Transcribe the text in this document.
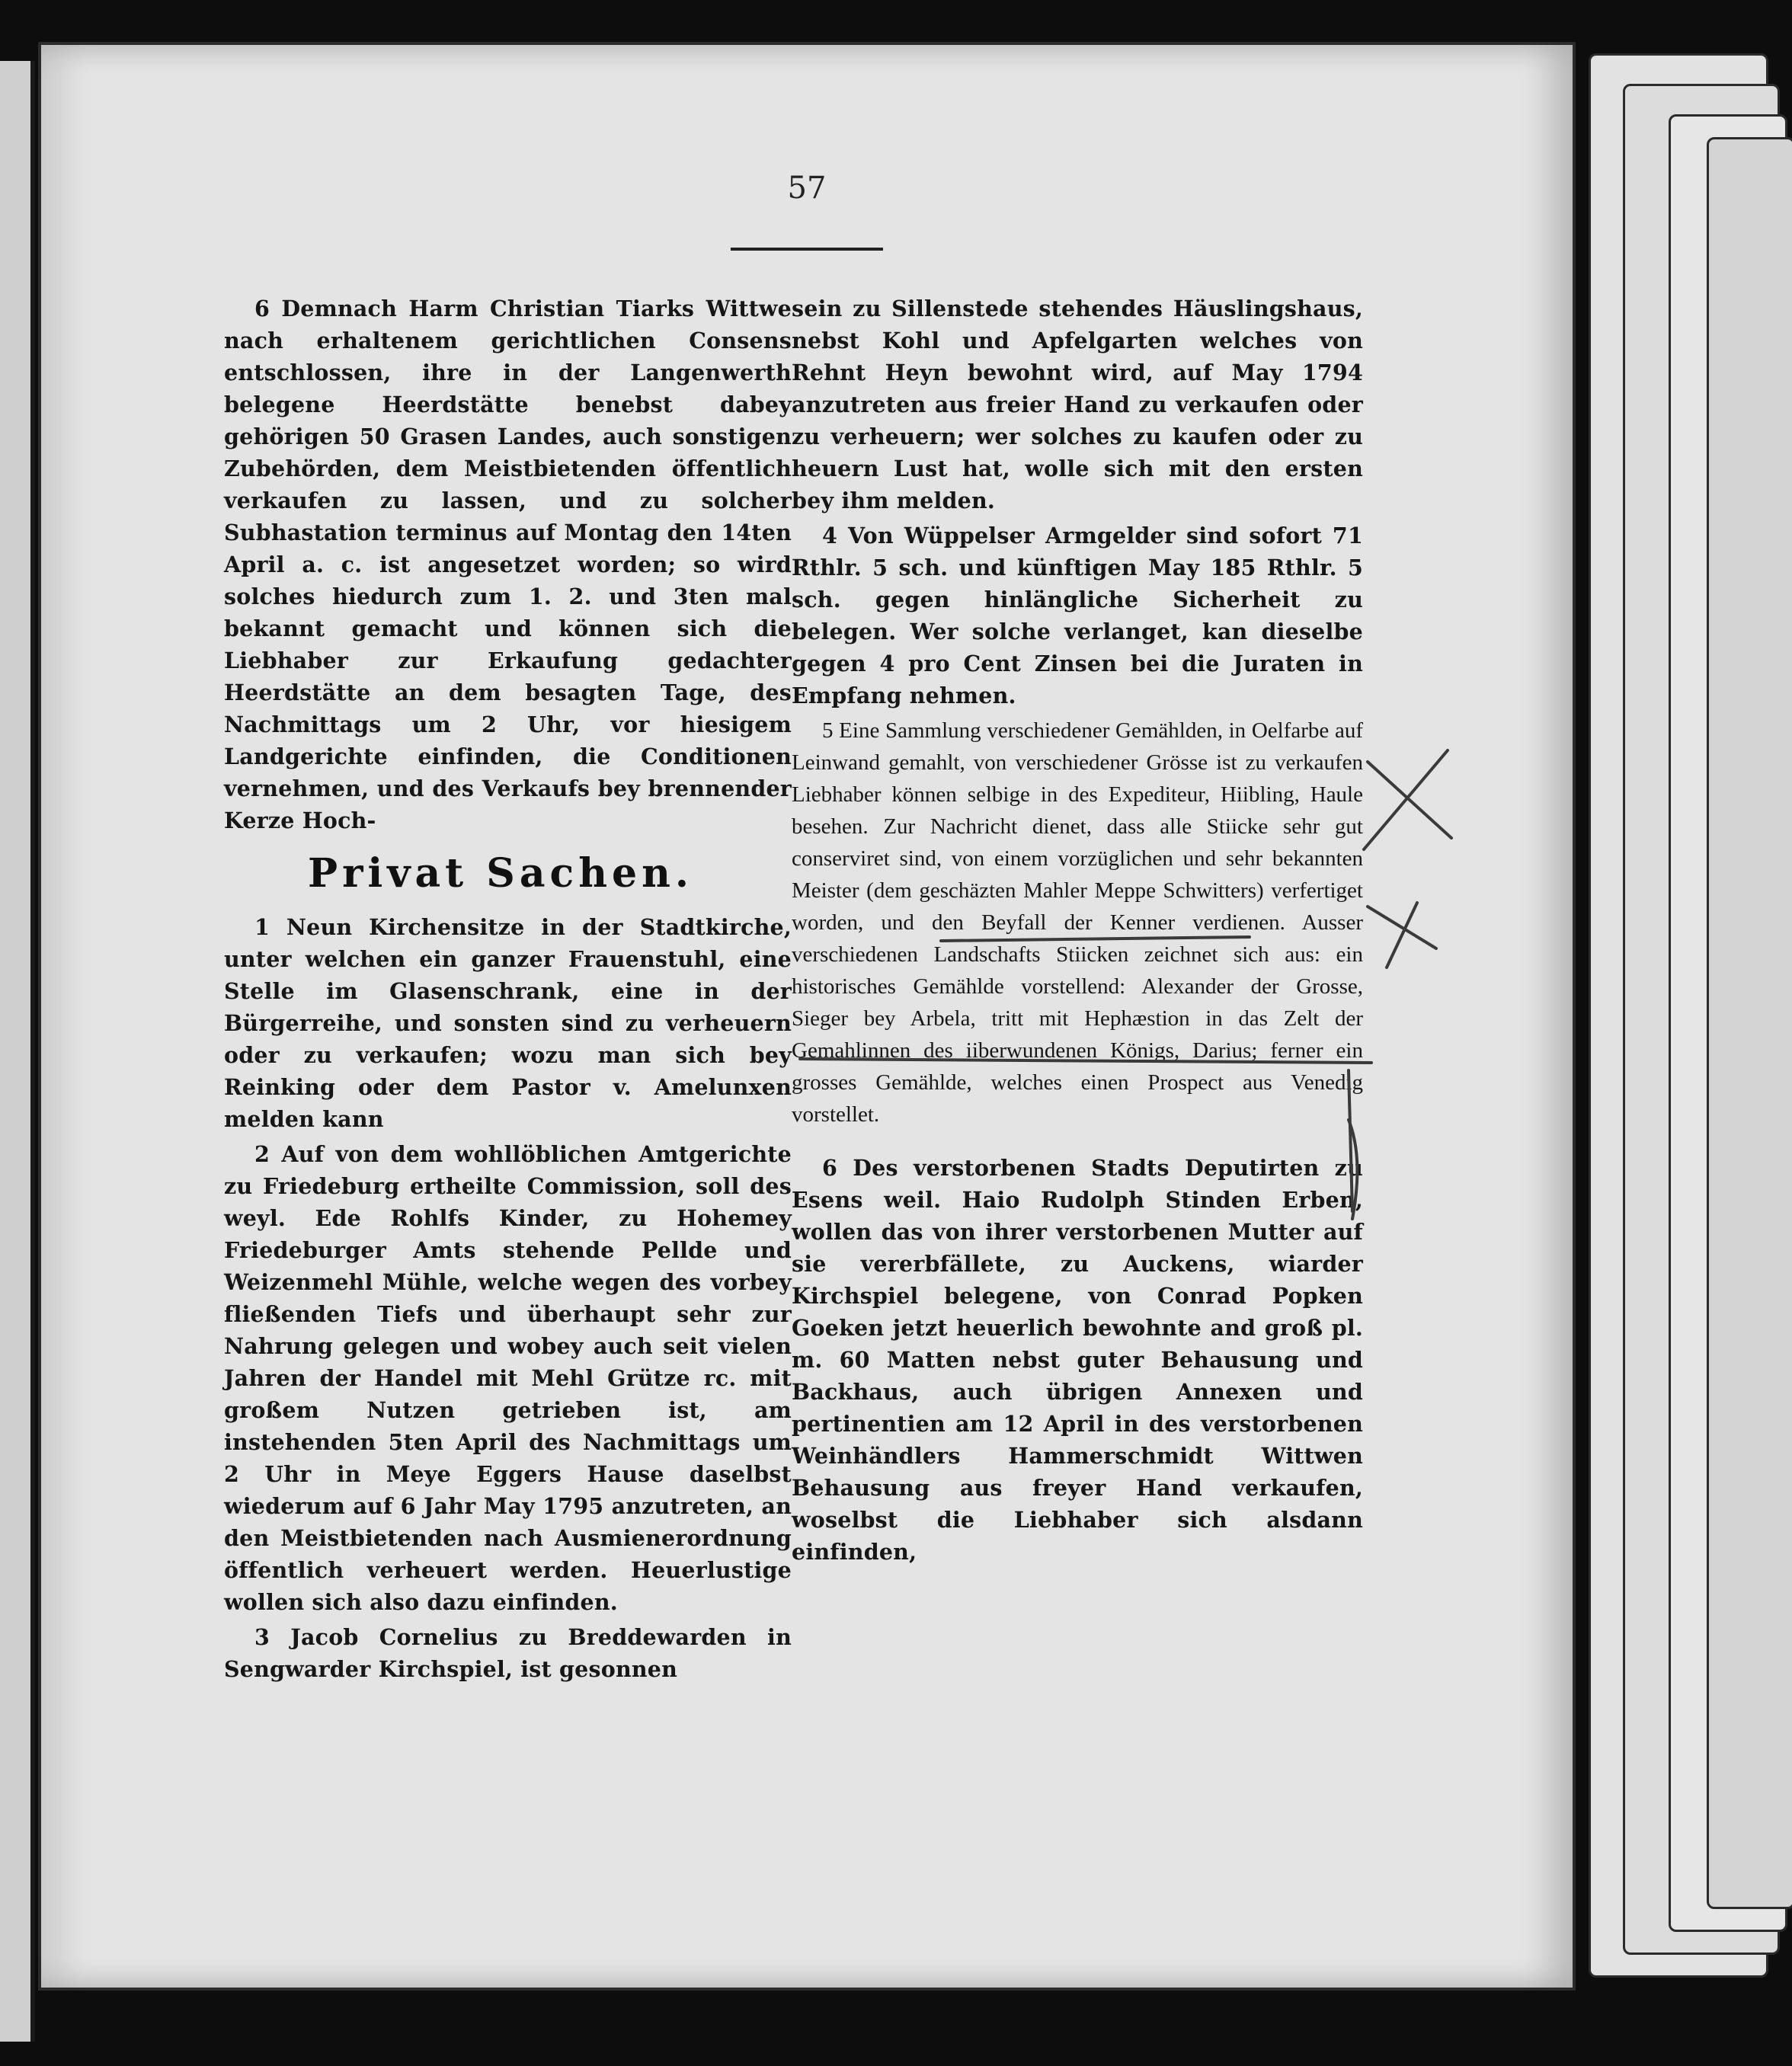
57

6 Demnach Harm Christian Tiarks Wittwe nach erhaltenem gerichtlichen Consens entschlossen, ihre in der Langenwerth belegene Heerdstätte benebst dabey gehörigen 50 Grasen Landes, auch sonstigen Zubehörden, dem Meistbietenden öffentlich verkaufen zu lassen, und zu solcher Subhastation terminus auf Montag den 14ten April a. c. ist angesetzet worden; so wird solches hiedurch zum 1. 2. und 3ten mal bekannt gemacht und können sich die Liebhaber zur Erkaufung gedachter Heerdstätte an dem besagten Tage, des Nachmittags um 2 Uhr, vor hiesigem Landgerichte einfinden, die Conditionen vernehmen, und des Verkaufs bey brennender Kerze Hoch-

Privat Sachen.

1 Neun Kirchensitze in der Stadtkirche, unter welchen ein ganzer Frauenstuhl, eine Stelle im Glasenschrank, eine in der Bürgerreihe, und sonsten sind zu verheuern oder zu verkaufen; wozu man sich bey Reinking oder dem Pastor v. Amelunxen melden kann

2 Auf von dem wohllöblichen Amtgerichte zu Friedeburg ertheilte Commission, soll des weyl. Ede Rohlfs Kinder, zu Hohemey Friedeburger Amts stehende Pellde und Weizenmehl Mühle, welche wegen des vorbey fließenden Tiefs und überhaupt sehr zur Nahrung gelegen und wobey auch seit vielen Jahren der Handel mit Mehl Grütze rc. mit großem Nutzen getrieben ist, am instehenden 5ten April des Nachmittags um 2 Uhr in Meye Eggers Hause daselbst wiederum auf 6 Jahr May 1795 anzutreten, an den Meistbietenden nach Ausmienerordnung öffentlich verheuert werden. Heuerlustige wollen sich also dazu einfinden.

3 Jacob Cornelius zu Breddewarden in Sengwarder Kirchspiel, ist gesonnen

sein zu Sillenstede stehendes Häuslingshaus, nebst Kohl und Apfelgarten welches von Rehnt Heyn bewohnt wird, auf May 1794 anzutreten aus freier Hand zu verkaufen oder zu verheuern; wer solches zu kaufen oder zu heuern Lust hat, wolle sich mit den ersten bey ihm melden.

4 Von Wüppelser Armgelder sind sofort 71 Rthlr. 5 sch. und künftigen May 185 Rthlr. 5 sch. gegen hinlängliche Sicherheit zu belegen. Wer solche verlanget, kan dieselbe gegen 4 pro Cent Zinsen bei die Juraten in Empfang nehmen.

5 Eine Sammlung verschiedener Gemählden, in Oelfarbe auf Leinwand gemahlt, von verschiedener Grösse ist zu verkaufen Liebhaber können selbige in des Expediteur, Hiibling, Haule besehen. Zur Nachricht dienet, dass alle Stiicke sehr gut conserviret sind, von einem vorzüglichen und sehr bekannten Meister (dem geschäzten Mahler Meppe Schwitters) verfertiget worden, und den Beyfall der Kenner verdienen. Ausser verschiedenen Landschafts Stiicken zeichnet sich aus: ein historisches Gemählde vorstellend: Alexander der Grosse, Sieger bey Arbela, tritt mit Hephæstion in das Zelt der Gemahlinnen des iiberwundenen Königs, Darius; ferner ein grosses Gemählde, welches einen Prospect aus Venedig vorstellet.

6 Des verstorbenen Stadts Deputirten zu Esens weil. Haio Rudolph Stinden Erben, wollen das von ihrer verstorbenen Mutter auf sie vererbfällete, zu Auckens, wiarder Kirchspiel belegene, von Conrad Popken Goeken jetzt heuerlich bewohnte and groß pl. m. 60 Matten nebst guter Behausung und Backhaus, auch übrigen Annexen und pertinentien am 12 April in des verstorbenen Weinhändlers Hammerschmidt Wittwen Behausung aus freyer Hand verkaufen, woselbst die Liebhaber sich alsdann einfinden,
